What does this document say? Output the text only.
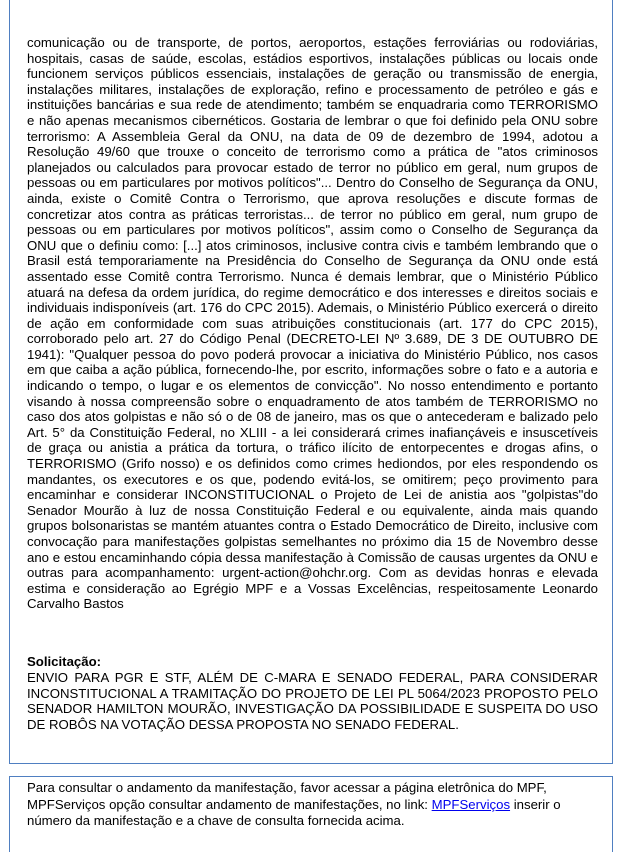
comunicação ou de transporte, de portos, aeroportos, estações ferroviárias ou rodoviárias, hospitais, casas de saúde, escolas, estádios esportivos, instalações públicas ou locais onde funcionem serviços públicos essenciais, instalações de geração ou transmissão de energia, instalações militares, instalações de exploração, refino e processamento de petróleo e gás e instituições bancárias e sua rede de atendimento; também se enquadraria como TERRORISMO e não apenas mecanismos cibernéticos. Gostaria de lembrar o que foi definido pela ONU sobre terrorismo: A Assembleia Geral da ONU, na data de 09 de dezembro de 1994, adotou a Resolução 49/60 que trouxe o conceito de terrorismo como a prática de "atos criminosos planejados ou calculados para provocar estado de terror no público em geral, num grupos de pessoas ou em particulares por motivos políticos"... Dentro do Conselho de Segurança da ONU, ainda, existe o Comitê Contra o Terrorismo, que aprova resoluções e discute formas de concretizar atos contra as práticas terroristas... de terror no público em geral, num grupo de pessoas ou em particulares por motivos políticos", assim como o Conselho de Segurança da ONU que o definiu como: [...] atos criminosos, inclusive contra civis e também lembrando que o Brasil está temporariamente na Presidência do Conselho de Segurança da ONU onde está assentado esse Comitê contra Terrorismo. Nunca é demais lembrar, que o Ministério Público atuará na defesa da ordem jurídica, do regime democrático e dos interesses e direitos sociais e individuais indisponíveis (art. 176 do CPC 2015). Ademais, o Ministério Público exercerá o direito de ação em conformidade com suas atribuições constitucionais (art. 177 do CPC 2015), corroborado pelo art. 27 do Código Penal (DECRETO-LEI Nº 3.689, DE 3 DE OUTUBRO DE 1941): "Qualquer pessoa do povo poderá provocar a iniciativa do Ministério Público, nos casos em que caiba a ação pública, fornecendo-lhe, por escrito, informações sobre o fato e a autoria e indicando o tempo, o lugar e os elementos de convicção". No nosso entendimento e portanto visando à nossa compreensão sobre o enquadramento de atos também de TERRORISMO no caso dos atos golpistas e não só o de 08 de janeiro, mas os que o antecederam e balizado pelo Art. 5° da Constituição Federal, no XLIII - a lei considerará crimes inafiançáveis e insuscetíveis de graça ou anistia a prática da tortura, o tráfico ilícito de entorpecentes e drogas afins, o TERRORISMO (Grifo nosso) e os definidos como crimes hediondos, por eles respondendo os mandantes, os executores e os que, podendo evitá-los, se omitirem; peço provimento para encaminhar e considerar INCONSTITUCIONAL o Projeto de Lei de anistia aos "golpistas"do Senador Mourão à luz de nossa Constituição Federal e ou equivalente, ainda mais quando grupos bolsonaristas se mantém atuantes contra o Estado Democrático de Direito, inclusive com convocação para manifestações golpistas semelhantes no próximo dia 15 de Novembro desse ano e estou encaminhando cópia dessa manifestação à Comissão de causas urgentes da ONU e outras para acompanhamento: urgent-action@ohchr.org. Com as devidas honras e elevada estima e consideração ao Egrégio MPF e a Vossas Excelências, respeitosamente Leonardo Carvalho Bastos

Solicitação:

ENVIO PARA PGR E STF, ALÉM DE C-MARA E SENADO FEDERAL, PARA CONSIDERAR INCONSTITUCIONAL A TRAMITAÇÃO DO PROJETO DE LEI PL 5064/2023 PROPOSTO PELO SENADOR HAMILTON MOURÃO, INVESTIGAÇÃO DA POSSIBILIDADE E SUSPEITA DO USO DE ROBÔS NA VOTAÇÃO DESSA PROPOSTA NO SENADO FEDERAL.

Para consultar o andamento da manifestação, favor acessar a página eletrônica do MPF, MPFServiços opção consultar andamento de manifestações, no link: MPFServiços inserir o número da manifestação e a chave de consulta fornecida acima.
